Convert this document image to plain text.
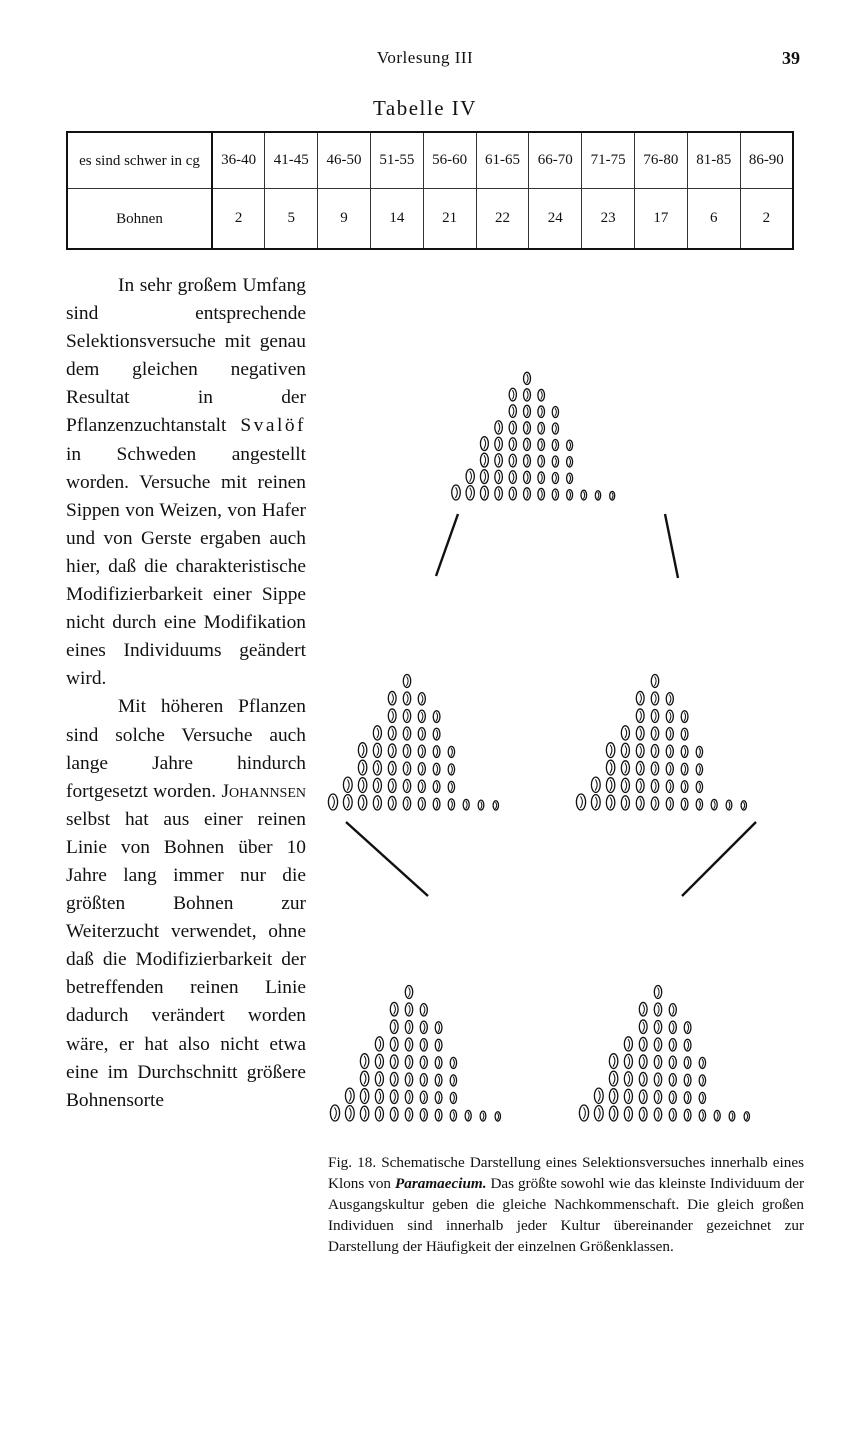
Vorlesung III	39
Tabelle IV
es sind schwer in cg	36-40	41-45	46-50	51-55	56-60	61-65	66-70	71-75	76-80	81-85	86-90
Bohnen	2	5	9	14	21	22	24	23	17	6	2

In sehr großem Umfang sind entsprechende Selektionsversuche mit genau dem gleichen negativen Resultat in der Pflanzenzuchtanstalt Svalöf in Schweden angestellt worden. Versuche mit reinen Sippen von Weizen, von Hafer und von Gerste ergaben auch hier, daß die charakteristische Modifizierbarkeit einer Sippe nicht durch eine Modifikation eines Individuums geändert wird.

Mit höheren Pflanzen sind solche Versuche auch lange Jahre hindurch fortgesetzt worden. Johannsen selbst hat aus einer reinen Linie von Bohnen über 10 Jahre lang immer nur die größten Bohnen zur Weiterzucht verwendet, ohne daß die Modifizierbarkeit der betreffenden reinen Linie dadurch verändert worden wäre, er hat also nicht etwa eine im Durchschnitt größere Bohnensorte

Fig. 18. Schematische Darstellung eines Selektionsversuches innerhalb eines Klons von Paramaecium. Das größte sowohl wie das kleinste Individuum der Ausgangskultur geben die gleiche Nachkommenschaft. Die gleich großen Individuen sind innerhalb jeder Kultur übereinander gezeichnet zur Darstellung der Häufigkeit der einzelnen Größenklassen.
